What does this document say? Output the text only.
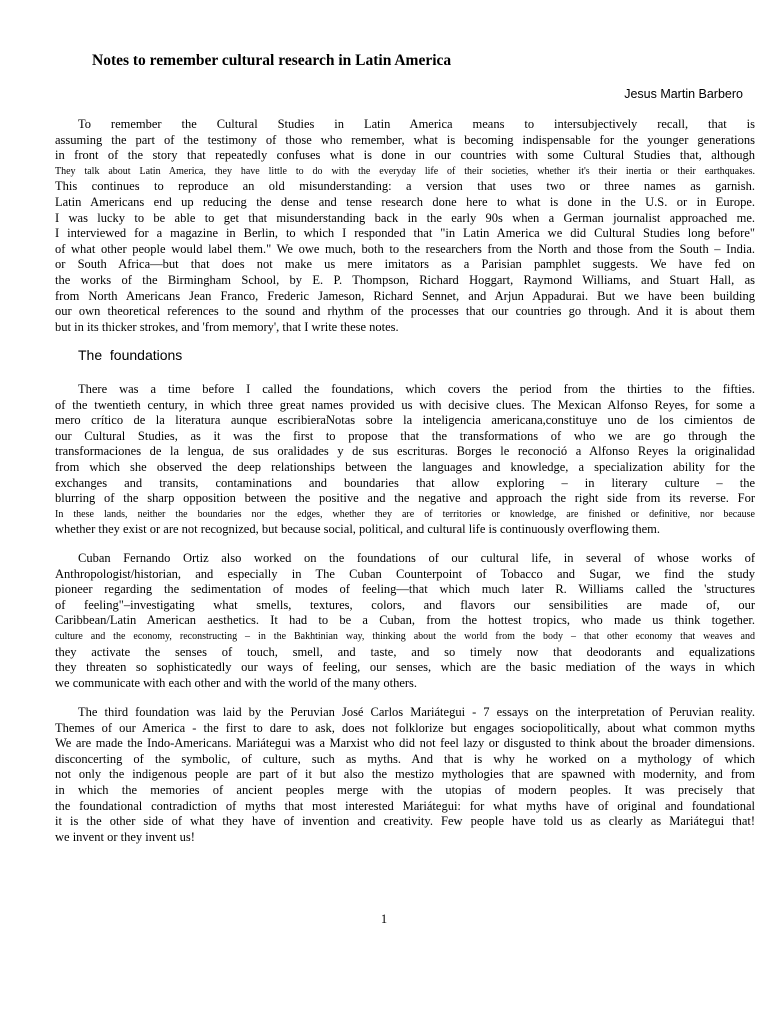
Notes to remember cultural research in Latin America
Jesus Martin Barbero
To remember the Cultural Studies in Latin America means to intersubjectively recall, that is
assuming the part of the testimony of those who remember, what is becoming indispensable for the younger generations
in front of the story that repeatedly confuses what is done in our countries with some Cultural Studies that, although
They talk about Latin America, they have little to do with the everyday life of their societies, whether it's their inertia or their earthquakes.
This continues to reproduce an old misunderstanding: a version that uses two or three names as garnish.
Latin Americans end up reducing the dense and tense research done here to what is done in the U.S. or in Europe.
I was lucky to be able to get that misunderstanding back in the early 90s when a German journalist approached me.
I interviewed for a magazine in Berlin, to which I responded that "in Latin America we did Cultural Studies long before"
of what other people would label them." We owe much, both to the researchers from the North and those from the South – India.
or South Africa—but that does not make us mere imitators as a Parisian pamphlet suggests. We have fed on
the works of the Birmingham School, by E. P. Thompson, Richard Hoggart, Raymond Williams, and Stuart Hall, as
from North Americans Jean Franco, Frederic Jameson, Richard Sennet, and Arjun Appadurai. But we have been building
our own theoretical references to the sound and rhythm of the processes that our countries go through. And it is about them
but in its thicker strokes, and 'from memory', that I write these notes.
The  foundations
There was a time before I called the foundations, which covers the period from the thirties to the fifties.
of the twentieth century, in which three great names provided us with decisive clues. The Mexican Alfonso Reyes, for some a
mero crítico de la literatura aunque escribieraNotas sobre la inteligencia americana,constituye uno de los cimientos de
our Cultural Studies, as it was the first to propose that the transformations of who we are go through the
transformaciones de la lengua, de sus oralidades y de sus escrituras. Borges le reconoció a Alfonso Reyes la originalidad
from which she observed the deep relationships between the languages and knowledge, a specialization ability for the
exchanges and transits, contaminations and boundaries that allow exploring – in literary culture – the
blurring of the sharp opposition between the positive and the negative and approach the right side from its reverse. For
In these lands, neither the boundaries nor the edges, whether they are of territories or knowledge, are finished or definitive, nor because
whether they exist or are not recognized, but because social, political, and cultural life is continuously overflowing them.
Cuban Fernando Ortiz also worked on the foundations of our cultural life, in several of whose works of
Anthropologist/historian, and especially in The Cuban Counterpoint of Tobacco and Sugar, we find the study
pioneer regarding the sedimentation of modes of feeling—that which much later R. Williams called the 'structures
of feeling"–investigating what smells, textures, colors, and flavors our sensibilities are made of, our
Caribbean/Latin American aesthetics. It had to be a Cuban, from the hottest tropics, who made us think together.
culture and the economy, reconstructing – in the Bakhtinian way, thinking about the world from the body – that other economy that weaves and
they activate the senses of touch, smell, and taste, and so timely now that deodorants and equalizations
they threaten so sophisticatedly our ways of feeling, our senses, which are the basic mediation of the ways in which
we communicate with each other and with the world of the many others.
The third foundation was laid by the Peruvian José Carlos Mariátegui - 7 essays on the interpretation of Peruvian reality.
Themes of our America - the first to dare to ask, does not folklorize but engages sociopolitically, about what common myths
We are made the Indo-Americans. Mariátegui was a Marxist who did not feel lazy or disgusted to think about the broader dimensions.
disconcerting of the symbolic, of culture, such as myths. And that is why he worked on a mythology of which
not only the indigenous people are part of it but also the mestizo mythologies that are spawned with modernity, and from
in which the memories of ancient peoples merge with the utopias of modern peoples. It was precisely that
the foundational contradiction of myths that most interested Mariátegui: for what myths have of original and foundational
it is the other side of what they have of invention and creativity. Few people have told us as clearly as Mariátegui that!
we invent or they invent us!
1
